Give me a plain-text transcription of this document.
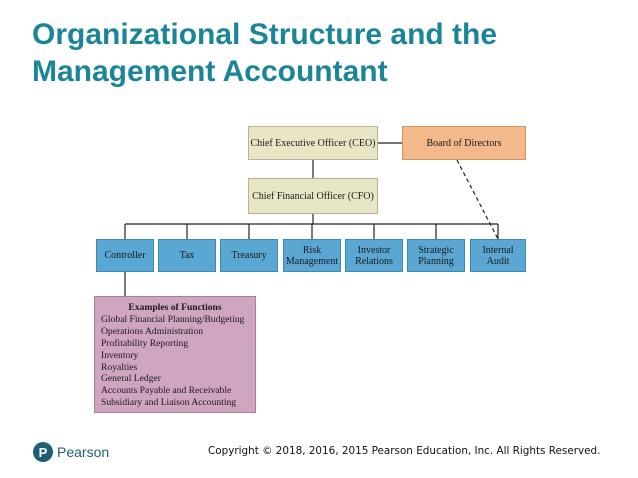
Organizational Structure and the
Management Accountant
Chief Executive Officer (CEO)	Board of Directors
Chief Financial Officer (CFO)
Controller	Tax	Treasury	Risk Management
Investor Relations
Strategic Planning
Internal Audit
Examples of Functions
Global Financial Planning/Budgeting
Operations Administration
Profitability Reporting
Inventory
Royalties
General Ledger
Accounts Payable and Receivable
Subsidiary and Liaison Accounting
P Pearson	Copyright © 2018, 2016, 2015 Pearson Education, Inc. All Rights Reserved.
